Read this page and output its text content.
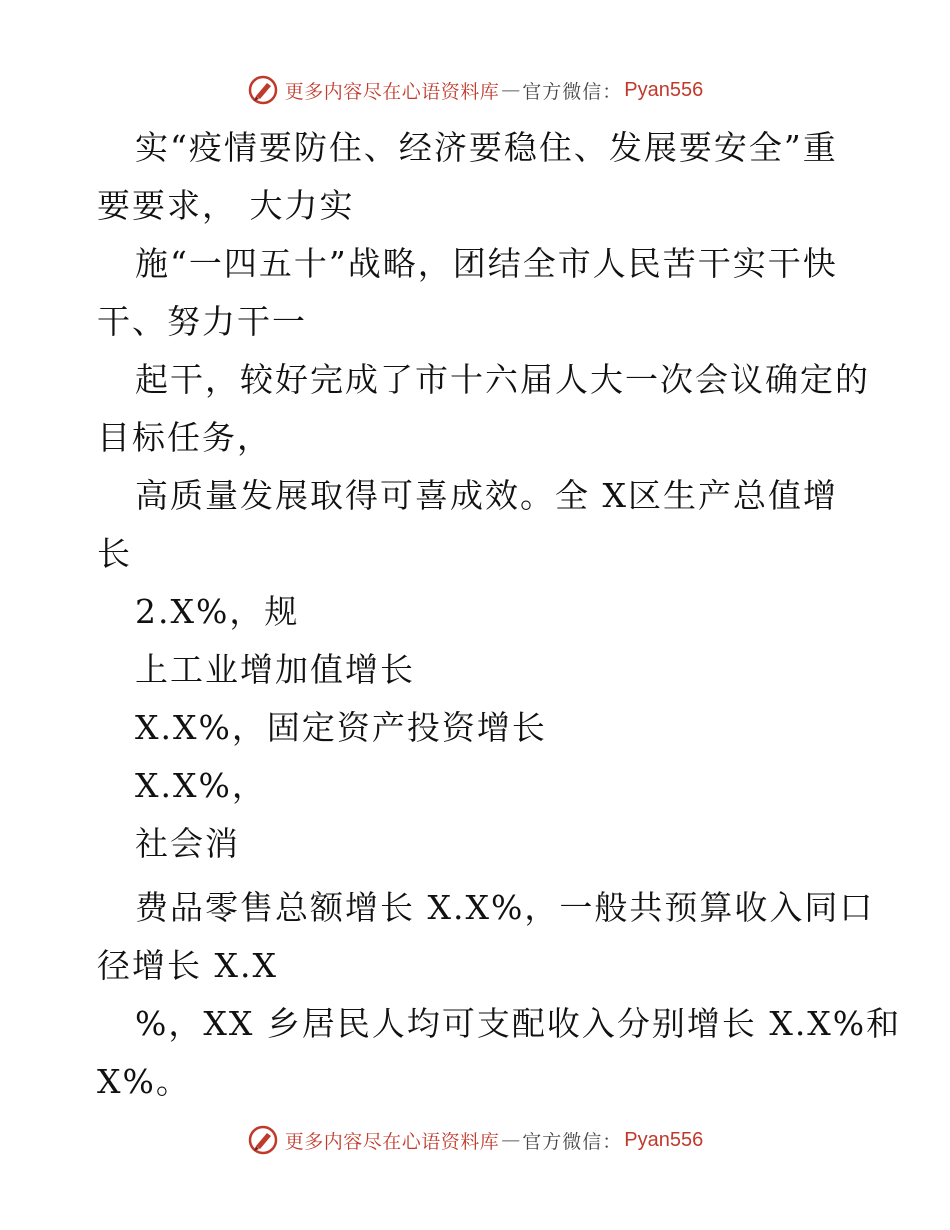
更多内容尽在心语资料库 — 官方微信： Pyan556
实“疫情要防住、经济要稳住、发展要安全”重
要要求， 大力实
施“一四五十”战略，团结全市人民苦干实干快
干、努力干一
起干，较好完成了市十六届人大一次会议确定的
目标任务，
高质量发展取得可喜成效。全 X区生产总值增
长
2.X%，规
上工业增加值增长
X.X%，固定资产投资增长
X.X%，
社会消
费品零售总额增长 X.X%，一般共预算收入同口
径增长 X.X
%，XX 乡居民人均可支配收入分别增长 X.X%和
X%。
更多内容尽在心语资料库 — 官方微信： Pyan556
